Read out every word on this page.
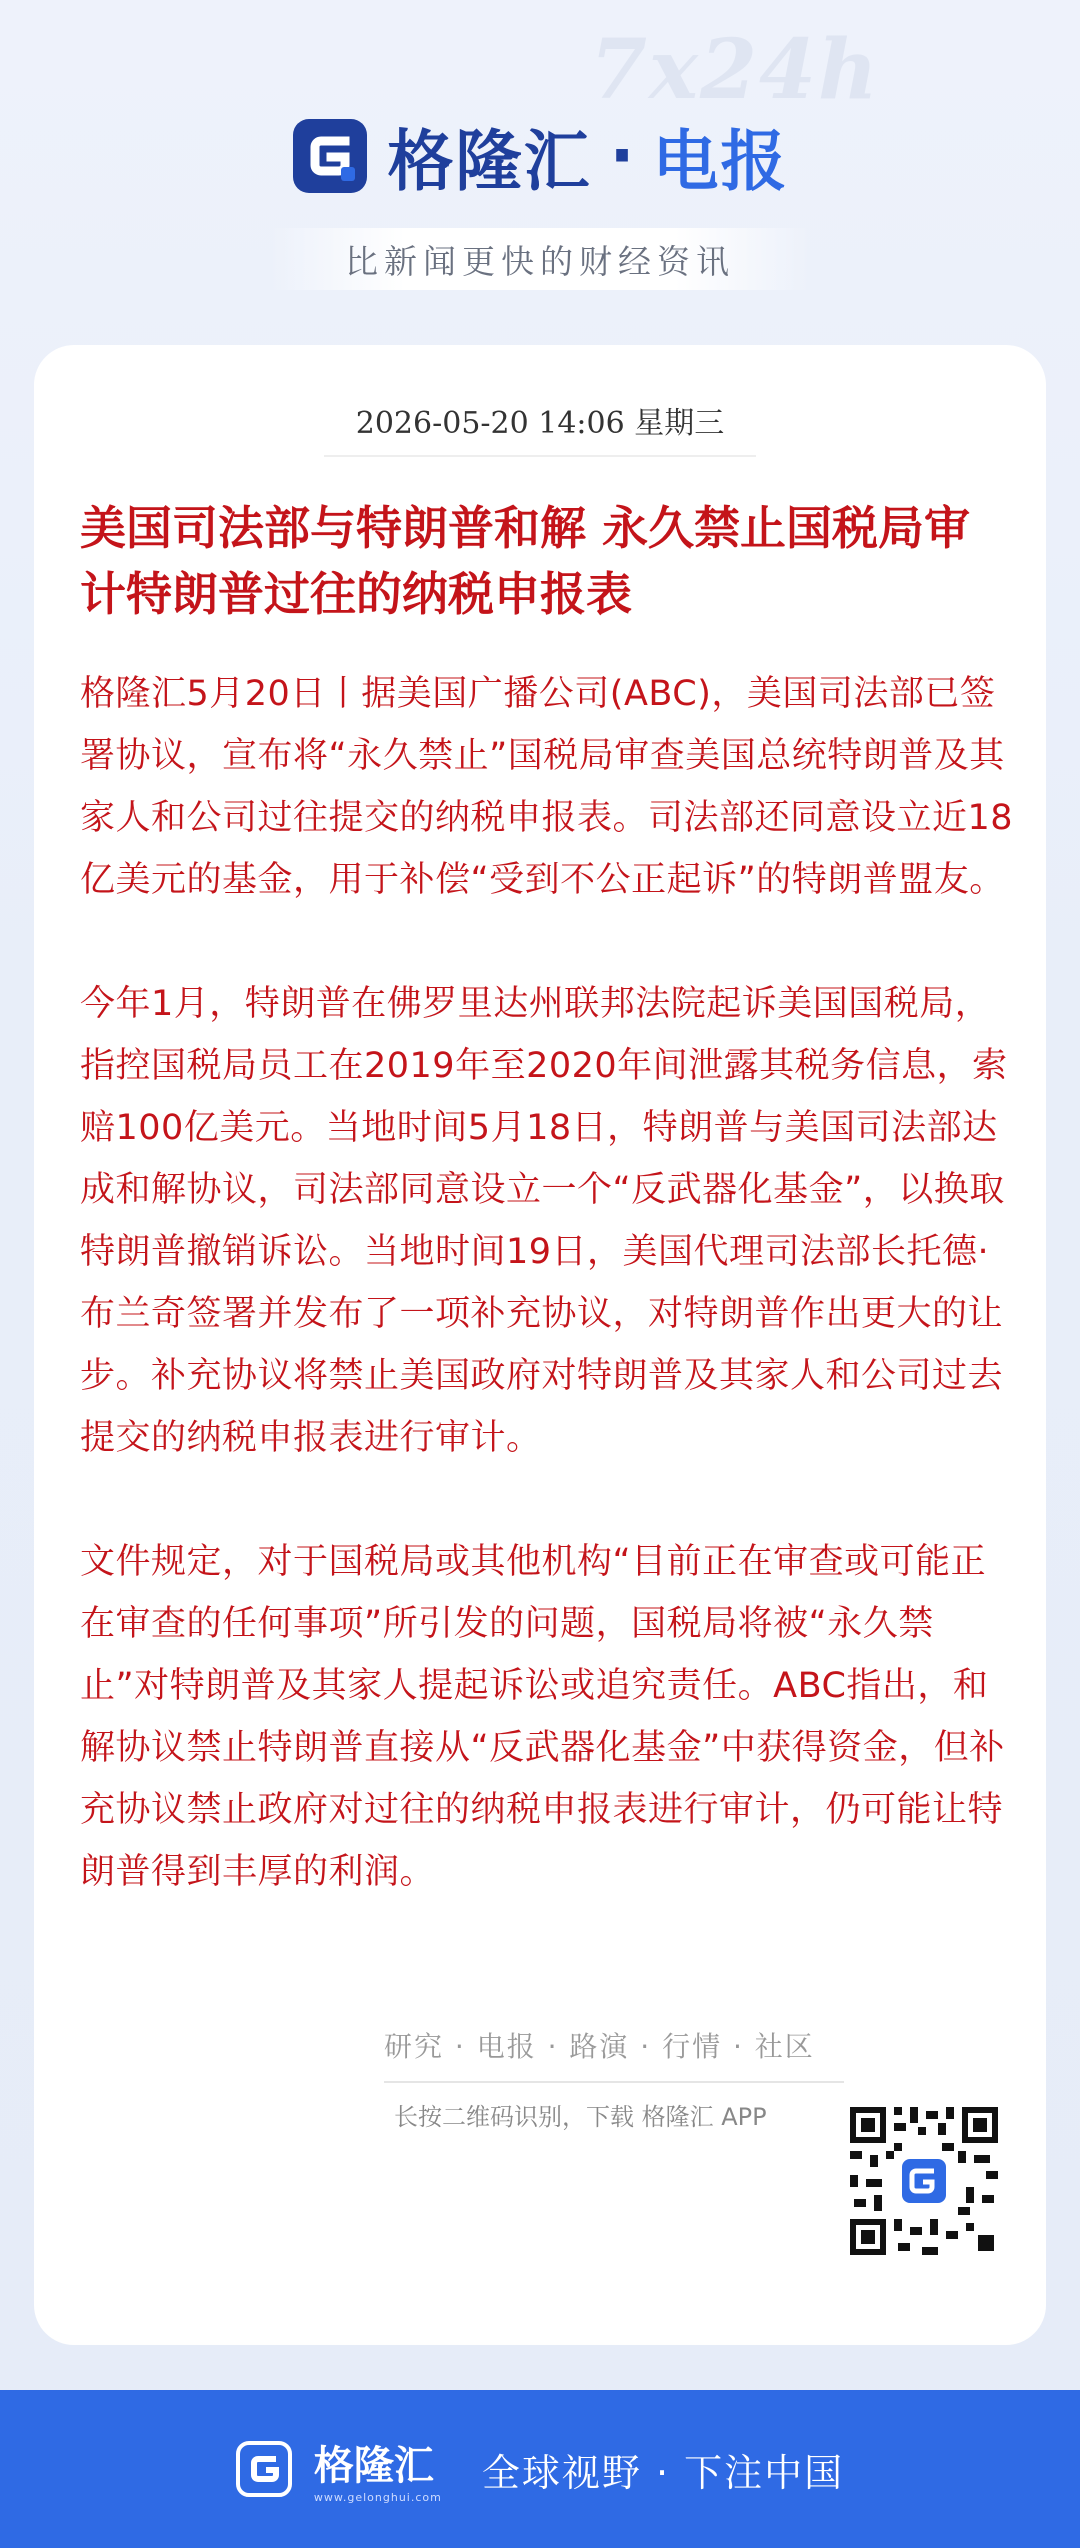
7x24h
格隆汇 · 电报
比新闻更快的财经资讯
2026-05-20 14:06 星期三
美国司法部与特朗普和解 永久禁止国税局审计特朗普过往的纳税申报表

格隆汇5月20日丨据美国广播公司(ABC)，美国司法部已签署协议，宣布将“永久禁止”国税局审查美国总统特朗普及其家人和公司过往提交的纳税申报表。司法部还同意设立近18亿美元的基金，用于补偿“受到不公正起诉”的特朗普盟友。

今年1月，特朗普在佛罗里达州联邦法院起诉美国国税局，指控国税局员工在2019年至2020年间泄露其税务信息，索赔100亿美元。当地时间5月18日，特朗普与美国司法部达成和解协议，司法部同意设立一个“反武器化基金”，以换取特朗普撤销诉讼。当地时间19日，美国代理司法部长托德·布兰奇签署并发布了一项补充协议，对特朗普作出更大的让步。补充协议将禁止美国政府对特朗普及其家人和公司过去提交的纳税申报表进行审计。

文件规定，对于国税局或其他机构“目前正在审查或可能正在审查的任何事项”所引发的问题，国税局将被“永久禁止”对特朗普及其家人提起诉讼或追究责任。ABC指出，和解协议禁止特朗普直接从“反武器化基金”中获得资金，但补充协议禁止政府对过往的纳税申报表进行审计，仍可能让特朗普得到丰厚的利润。

研究 · 电报 · 路演 · 行情 · 社区
长按二维码识别，下载 格隆汇 APP
格隆汇
www.gelonghui.com
全球视野 · 下注中国
